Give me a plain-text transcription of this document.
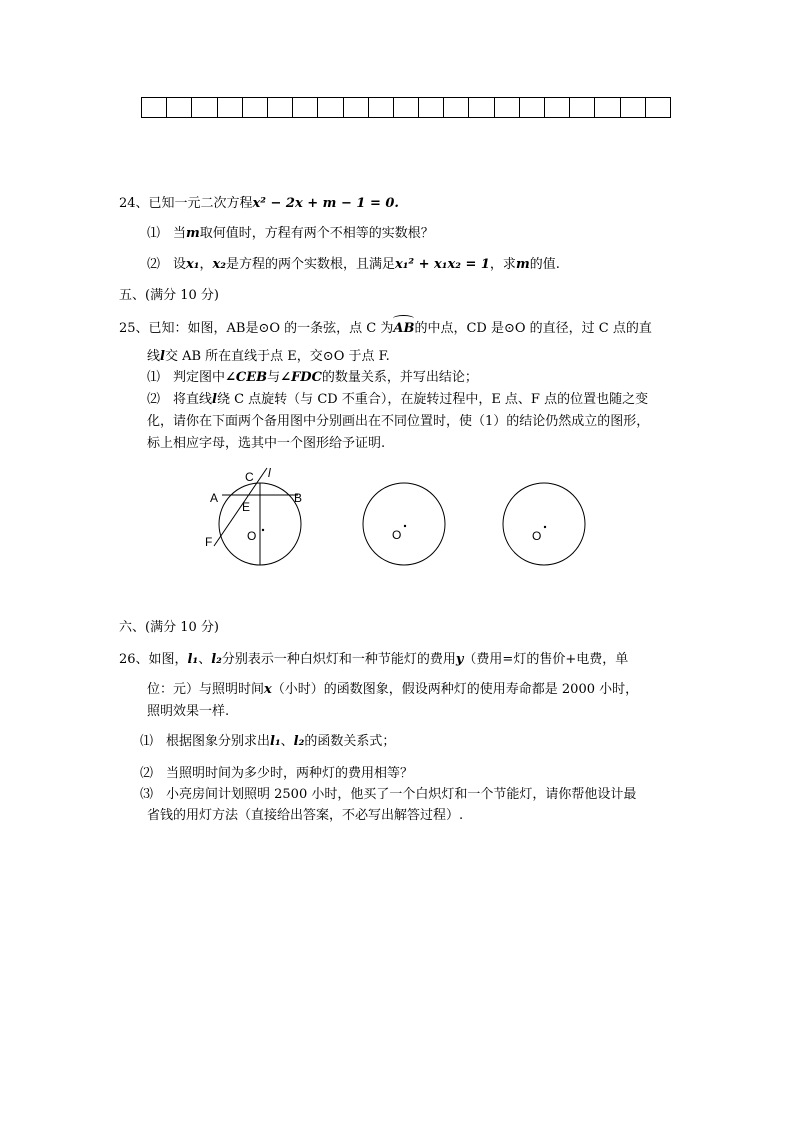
24、已知一元二次方程x² − 2x + m − 1 = 0.
⑴　当m取何值时，方程有两个不相等的实数根？
⑵　设x₁，x₂是方程的两个实数根，且满足x₁² + x₁x₂ = 1，求m的值.
五、(满分 10 分)
25、已知：如图，AB是⊙O 的一条弦，点 C 为
AB的中点，CD 是⊙O 的直径，过 C 点的直
线l交 AB 所在直线于点 E，交⊙O 于点 F.
⑴　判定图中∠CEB与∠FDC的数量关系，并写出结论；
⑵　将直线l绕 C 点旋转（与 CD 不重合），在旋转过程中，E 点、F 点的位置也随之变
化，请你在下面两个备用图中分别画出在不同位置时，使（1）的结论仍然成立的图形，
标上相应字母，选其中一个图形给予证明.
C l
A	B
E
O
F	O	O
六、(满分 10 分)
26、如图，l₁、l₂分别表示一种白炽灯和一种节能灯的费用y（费用=灯的售价+电费，单
位：元）与照明时间x（小时）的函数图象，假设两种灯的使用寿命都是 2000 小时，
照明效果一样.
⑴　根据图象分别求出l₁、l₂的函数关系式；
⑵　当照明时间为多少时，两种灯的费用相等？
⑶　小亮房间计划照明 2500 小时，他买了一个白炽灯和一个节能灯，请你帮他设计最
省钱的用灯方法（直接给出答案，不必写出解答过程）.
